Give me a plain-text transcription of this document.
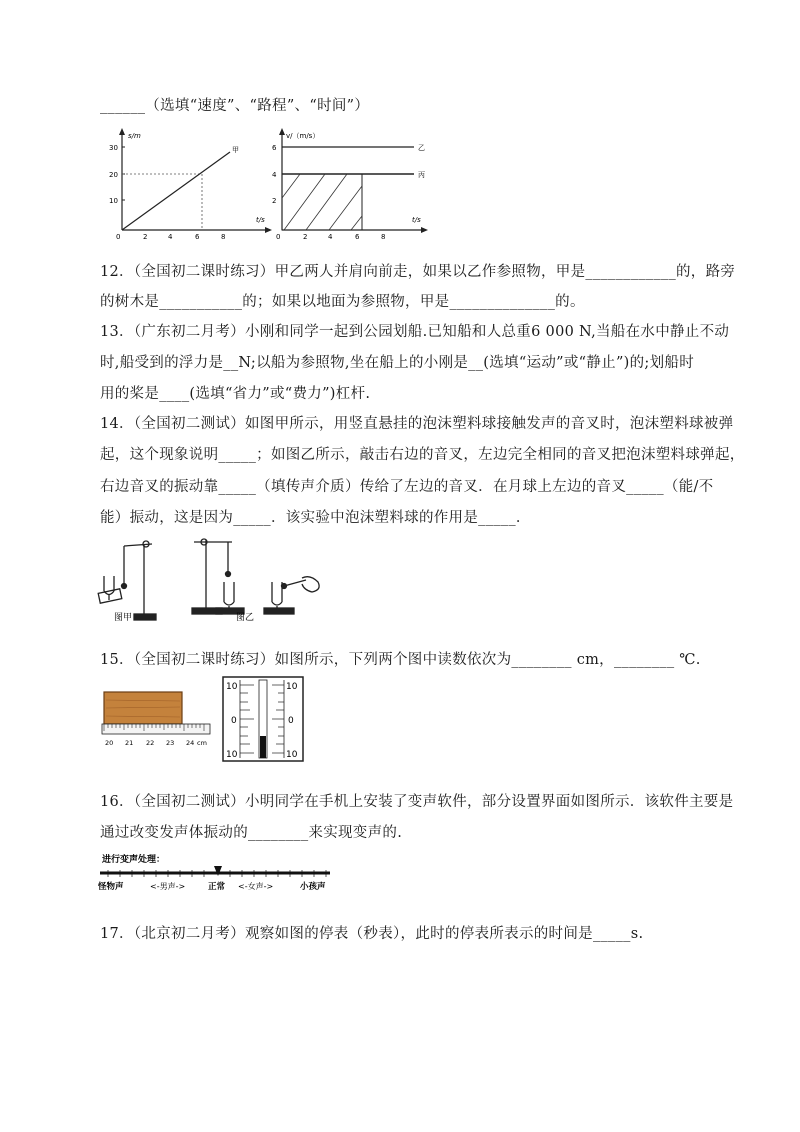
______（选填“速度”、“路程”、“时间”）
s/m
t/s
30
20
10
0	2	4	6	8
甲
v/（m/s）
t/s
6
4
2
0	2	4	6	8
乙
丙
12．（全国初二课时练习）甲乙两人并肩向前走，如果以乙作参照物，甲是____________的，路旁
的树木是___________的；如果以地面为参照物，甲是______________的。
13．（广东初二月考）小刚和同学一起到公园划船.已知船和人总重6 000 N,当船在水中静止不动
时,船受到的浮力是__N;以船为参照物,坐在船上的小刚是__(选填“运动”或“静止”)的;划船时
用的桨是____(选填“省力”或“费力”)杠杆.
14．（全国初二测试）如图甲所示，用竖直悬挂的泡沫塑料球接触发声的音叉时，泡沫塑料球被弹
起，这个现象说明_____；如图乙所示，敲击右边的音叉，左边完全相同的音叉把泡沫塑料球弹起，
右边音叉的振动靠_____（填传声介质）传给了左边的音叉．在月球上左边的音叉_____（能/不
能）振动，这是因为_____．该实验中泡沫塑料球的作用是_____．
图甲	图乙
15．（全国初二课时练习）如图所示，下列两个图中读数依次为________ cm，________ ℃.
20 21 22 23 24 cm
10	10
0	0
10	10
16．（全国初二测试）小明同学在手机上安装了变声软件，部分设置界面如图所示．该软件主要是
通过改变发声体振动的________来实现变声的.
进行变声处理：
怪物声	<-男声->	正常 <-女声->	小孩声
17．（北京初二月考）观察如图的停表（秒表），此时的停表所表示的时间是_____s.
